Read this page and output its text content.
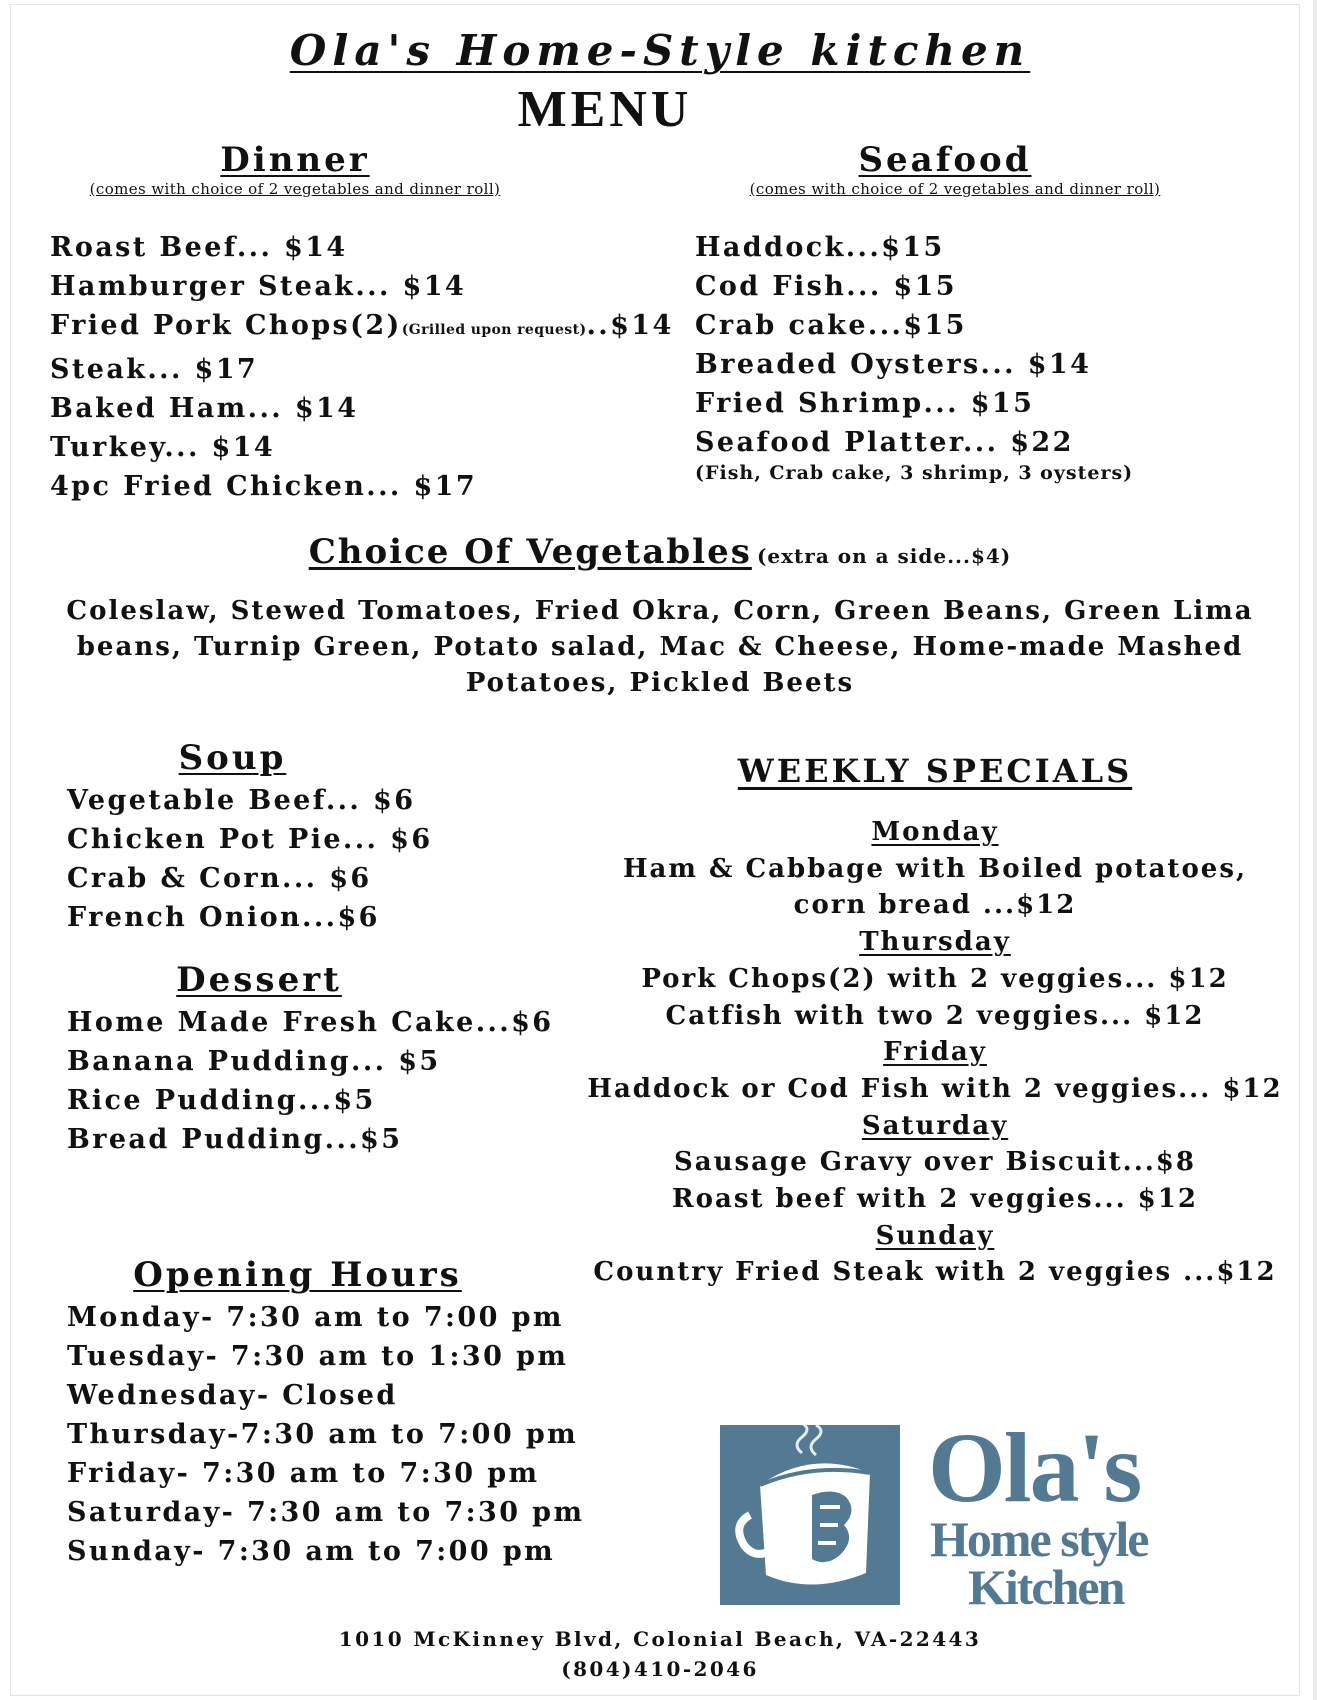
Ola's Home-Style kitchen
MENU
Dinner
(comes with choice of 2 vegetables and dinner roll)
Roast Beef... $14
Hamburger Steak... $14
Fried Pork Chops(2)(Grilled upon request)..$14
Steak... $17
Baked Ham... $14
Turkey... $14
4pc Fried Chicken... $17
Seafood
(comes with choice of 2 vegetables and dinner roll)
Haddock...$15
Cod Fish... $15
Crab cake...$15
Breaded Oysters... $14
Fried Shrimp... $15
Seafood Platter... $22
(Fish, Crab cake, 3 shrimp, 3 oysters)
Choice Of Vegetables (extra on a side...$4)
Coleslaw, Stewed Tomatoes, Fried Okra, Corn, Green Beans, Green Lima beans, Turnip Green, Potato salad, Mac & Cheese, Home-made Mashed Potatoes, Pickled Beets
Soup
Vegetable Beef... $6
Chicken Pot Pie... $6
Crab & Corn... $6
French Onion...$6
Dessert
Home Made Fresh Cake...$6
Banana Pudding... $5
Rice Pudding...$5
Bread Pudding...$5
Opening Hours
Monday- 7:30 am to 7:00 pm
Tuesday- 7:30 am to 1:30 pm
Wednesday- Closed
Thursday-7:30 am to 7:00 pm
Friday- 7:30 am to 7:30 pm
Saturday- 7:30 am to 7:30 pm
Sunday- 7:30 am to 7:00 pm
WEEKLY SPECIALS
Monday
Ham & Cabbage with Boiled potatoes, corn bread ...$12
Thursday
Pork Chops(2) with 2 veggies... $12
Catfish with two 2 veggies... $12
Friday
Haddock or Cod Fish with 2 veggies... $12
Saturday
Sausage Gravy over Biscuit...$8
Roast beef with 2 veggies... $12
Sunday
Country Fried Steak with 2 veggies ...$12
Ola's
Home style
Kitchen
1010 McKinney Blvd, Colonial Beach, VA-22443
(804)410-2046
